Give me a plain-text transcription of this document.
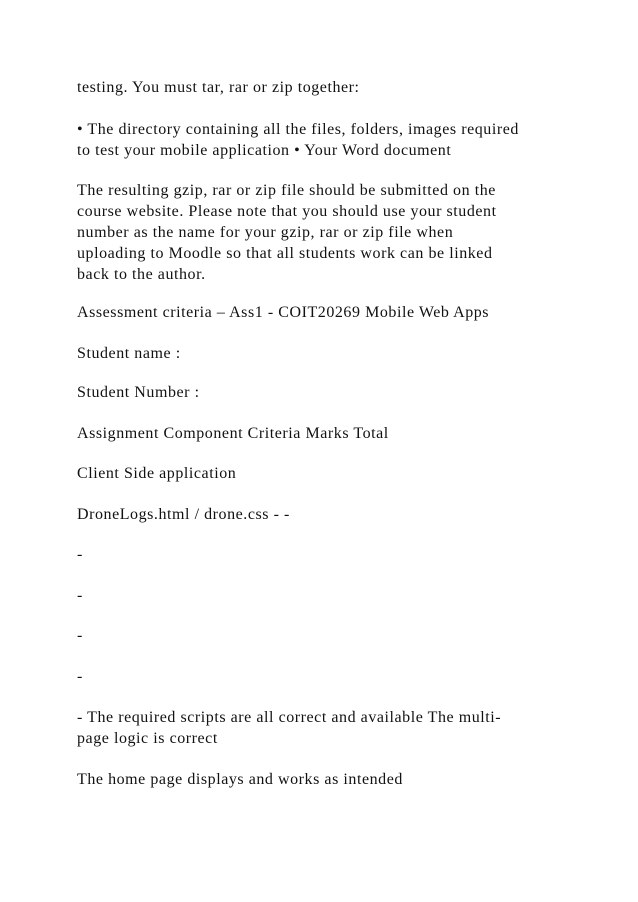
testing. You must tar, rar or zip together:
• The directory containing all the files, folders, images required
to test your mobile application • Your Word document
The resulting gzip, rar or zip file should be submitted on the
course website. Please note that you should use your student
number as the name for your gzip, rar or zip file when
uploading to Moodle so that all students work can be linked
back to the author.
Assessment criteria – Ass1 - COIT20269 Mobile Web Apps
Student name :
Student Number :
Assignment Component Criteria Marks Total
Client Side application
DroneLogs.html / drone.css - -
-
-
-
-
- The required scripts are all correct and available The multi-
page logic is correct
The home page displays and works as intended
